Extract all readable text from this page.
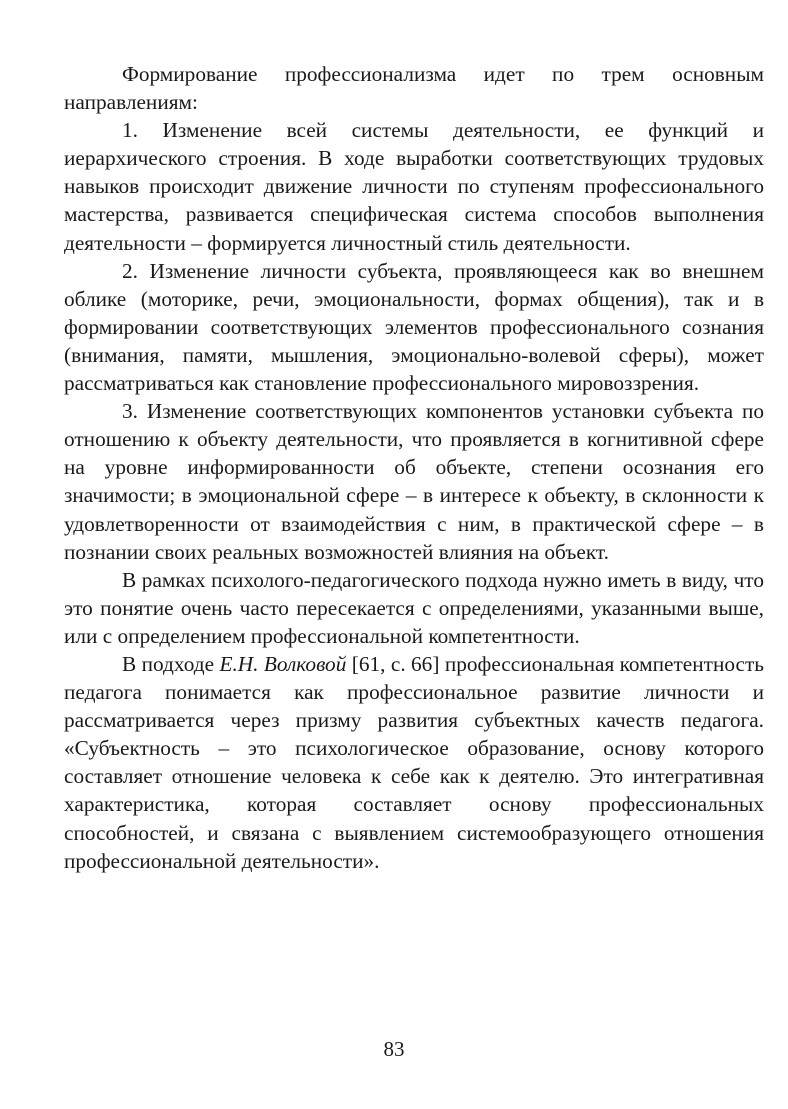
Формирование профессионализма идет по трем основным направлениям:

1. Изменение всей системы деятельности, ее функций и иерархического строения. В ходе выработки соответствующих трудовых навыков происходит движение личности по ступеням профессионального мастерства, развивается специфическая система способов выполнения деятельности – формируется личностный стиль деятельности.

2. Изменение личности субъекта, проявляющееся как во внешнем облике (моторике, речи, эмоциональности, формах общения), так и в формировании соответствующих элементов профессионального сознания (внимания, памяти, мышления, эмоционально-волевой сферы), может рассматриваться как становление профессионального мировоззрения.

3. Изменение соответствующих компонентов установки субъекта по отношению к объекту деятельности, что проявляется в когнитивной сфере на уровне информированности об объекте, степени осознания его значимости; в эмоциональной сфере – в интересе к объекту, в склонности к удовлетворенности от взаимодействия с ним, в практической сфере – в познании своих реальных возможностей влияния на объект.

В рамках психолого-педагогического подхода нужно иметь в виду, что это понятие очень часто пересекается с определениями, указанными выше, или с определением профессиональной компетентности.

В подходе Е.Н. Волковой [61, с. 66] профессиональная компетентность педагога понимается как профессиональное развитие личности и рассматривается через призму развития субъектных качеств педагога. «Субъектность – это психологическое образование, основу которого составляет отношение человека к себе как к деятелю. Это интегративная характеристика, которая составляет основу профессиональных способностей, и связана с выявлением системообразующего отношения профессиональной деятельности».

83
